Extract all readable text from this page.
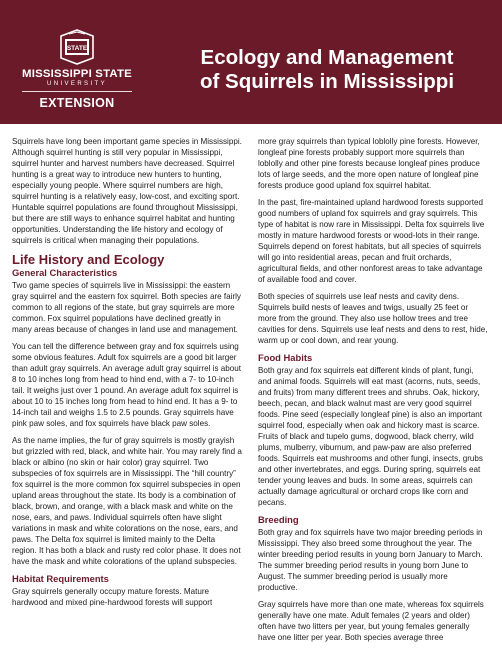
STATE
MISSISSIPPI STATE
UNIVERSITY
EXTENSION
Ecology and Management
of Squirrels in Mississippi

Squirrels have long been important game species in Mississippi. Although squirrel hunting is still very popular in Mississippi, squirrel hunter and harvest numbers have decreased. Squirrel hunting is a great way to introduce new hunters to hunting, especially young people. Where squirrel numbers are high, squirrel hunting is a relatively easy, low-cost, and exciting sport. Huntable squirrel populations are found throughout Mississippi, but there are still ways to enhance squirrel habitat and hunting opportunities. Understanding the life history and ecology of squirrels is critical when managing their populations.

Life History and Ecology
General Characteristics

Two game species of squirrels live in Mississippi: the eastern gray squirrel and the eastern fox squirrel. Both species are fairly common to all regions of the state, but gray squirrels are more common. Fox squirrel populations have declined greatly in many areas because of changes in land use and management.

You can tell the difference between gray and fox squirrels using some obvious features. Adult fox squirrels are a good bit larger than adult gray squirrels. An average adult gray squirrel is about 8 to 10 inches long from head to hind end, with a 7- to 10-inch tail. It weighs just over 1 pound. An average adult fox squirrel is about 10 to 15 inches long from head to hind end. It has a 9- to 14-inch tail and weighs 1.5 to 2.5 pounds. Gray squirrels have pink paw soles, and fox squirrels have black paw soles.

As the name implies, the fur of gray squirrels is mostly grayish but grizzled with red, black, and white hair. You may rarely find a black or albino (no skin or hair color) gray squirrel. Two subspecies of fox squirrels are in Mississippi. The “hill country” fox squirrel is the more common fox squirrel subspecies in open upland areas throughout the state. Its body is a combination of black, brown, and orange, with a black mask and white on the nose, ears, and paws. Individual squirrels often have slight variations in mask and white colorations on the nose, ears, and paws. The Delta fox squirrel is limited mainly to the Delta region. It has both a black and rusty red color phase. It does not have the mask and white colorations of the upland subspecies.

Habitat Requirements

Gray squirrels generally occupy mature forests. Mature hardwood and mixed pine-hardwood forests will support

more gray squirrels than typical loblolly pine forests. However, longleaf pine forests probably support more squirrels than loblolly and other pine forests because longleaf pines produce lots of large seeds, and the more open nature of longleaf pine forests produce good upland fox squirrel habitat.

In the past, fire-maintained upland hardwood forests supported good numbers of upland fox squirrels and gray squirrels. This type of habitat is now rare in Mississippi. Delta fox squirrels live mostly in mature hardwood forests or wood-lots in their range. Squirrels depend on forest habitats, but all species of squirrels will go into residential areas, pecan and fruit orchards, agricultural fields, and other nonforest areas to take advantage of available food and cover.

Both species of squirrels use leaf nests and cavity dens. Squirrels build nests of leaves and twigs, usually 25 feet or more from the ground. They also use hollow trees and tree cavities for dens. Squirrels use leaf nests and dens to rest, hide, warm up or cool down, and rear young.

Food Habits

Both gray and fox squirrels eat different kinds of plant, fungi, and animal foods. Squirrels will eat mast (acorns, nuts, seeds, and fruits) from many different trees and shrubs. Oak, hickory, beech, pecan, and black walnut mast are very good squirrel foods. Pine seed (especially longleaf pine) is also an important squirrel food, especially when oak and hickory mast is scarce. Fruits of black and tupelo gums, dogwood, black cherry, wild plums, mulberry, viburnum, and paw-paw are also preferred foods. Squirrels eat mushrooms and other fungi, insects, grubs and other invertebrates, and eggs. During spring, squirrels eat tender young leaves and buds. In some areas, squirrels can actually damage agricultural or orchard crops like corn and pecans.

Breeding

Both gray and fox squirrels have two major breeding periods in Mississippi. They also breed some throughout the year. The winter breeding period results in young born January to March. The summer breeding period results in young born June to August. The summer breeding period is usually more productive.

Gray squirrels have more than one mate, whereas fox squirrels generally have one mate. Adult females (2 years and older) often have two litters per year, but young females generally have one litter per year. Both species average three
